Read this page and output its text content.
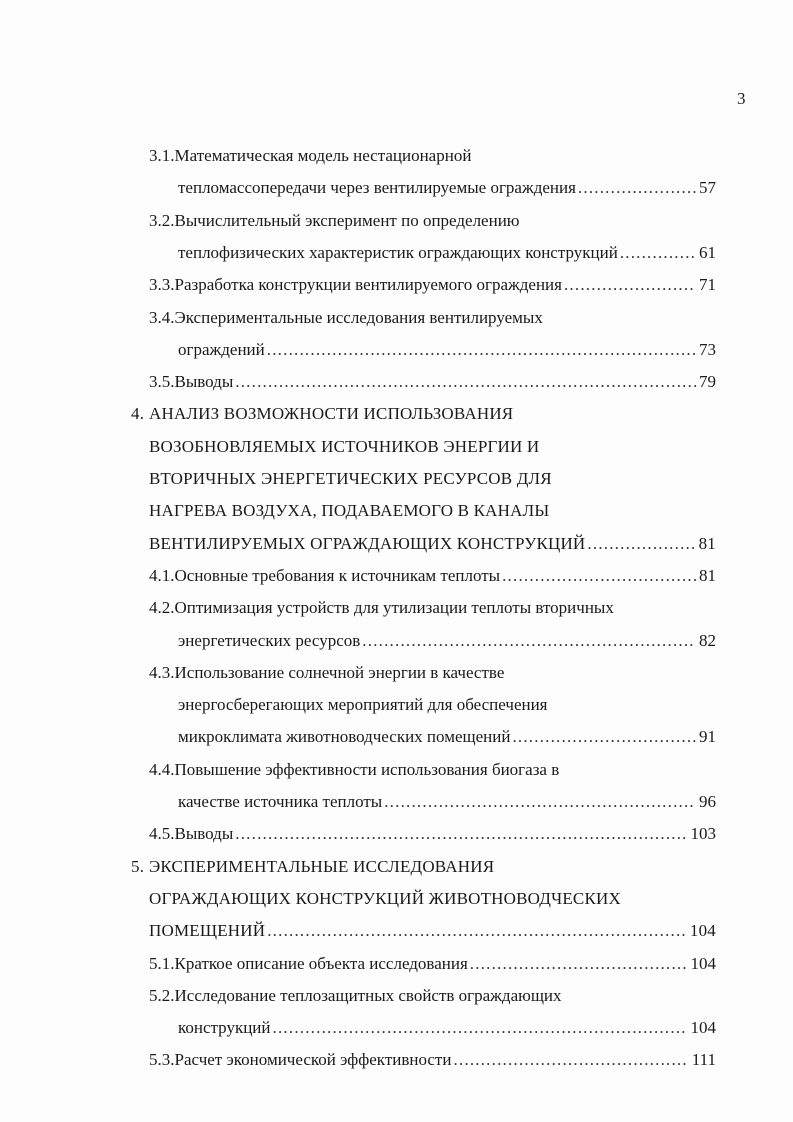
3
3.1. Математическая модель нестационарной
тепломассопередачи через вентилируемые ограждения .....	57
3.2. Вычислительный эксперимент по определению
теплофизических характеристик ограждающих конструкций .....	61
3.3. Разработка конструкции вентилируемого ограждения .....	71
3.4. Экспериментальные исследования вентилируемых
ограждений .....	73
3.5. Выводы .....	79
4. АНАЛИЗ ВОЗМОЖНОСТИ ИСПОЛЬЗОВАНИЯ
ВОЗОБНОВЛЯЕМЫХ ИСТОЧНИКОВ ЭНЕРГИИ И
ВТОРИЧНЫХ ЭНЕРГЕТИЧЕСКИХ РЕСУРСОВ ДЛЯ
НАГРЕВА ВОЗДУХА, ПОДАВАЕМОГО В КАНАЛЫ
ВЕНТИЛИРУЕМЫХ ОГРАЖДАЮЩИХ КОНСТРУКЦИЙ .....	81
4.1. Основные требования к источникам теплоты .....	81
4.2. Оптимизация устройств для утилизации теплоты вторичных
энергетических ресурсов .....	82
4.3. Использование солнечной энергии в качестве
энергосберегающих мероприятий для обеспечения
микроклимата животноводческих помещений .....	91
4.4. Повышение эффективности использования биогаза в
качестве источника теплоты .....	96
4.5. Выводы .....	103
5. ЭКСПЕРИМЕНТАЛЬНЫЕ ИССЛЕДОВАНИЯ
ОГРАЖДАЮЩИХ КОНСТРУКЦИЙ ЖИВОТНОВОДЧЕСКИХ
ПОМЕЩЕНИЙ .....	104
5.1. Краткое описание объекта исследования .....	104
5.2. Исследование теплозащитных свойств ограждающих
конструкций .....	104
5.3. Расчет экономической эффективности .....	111
